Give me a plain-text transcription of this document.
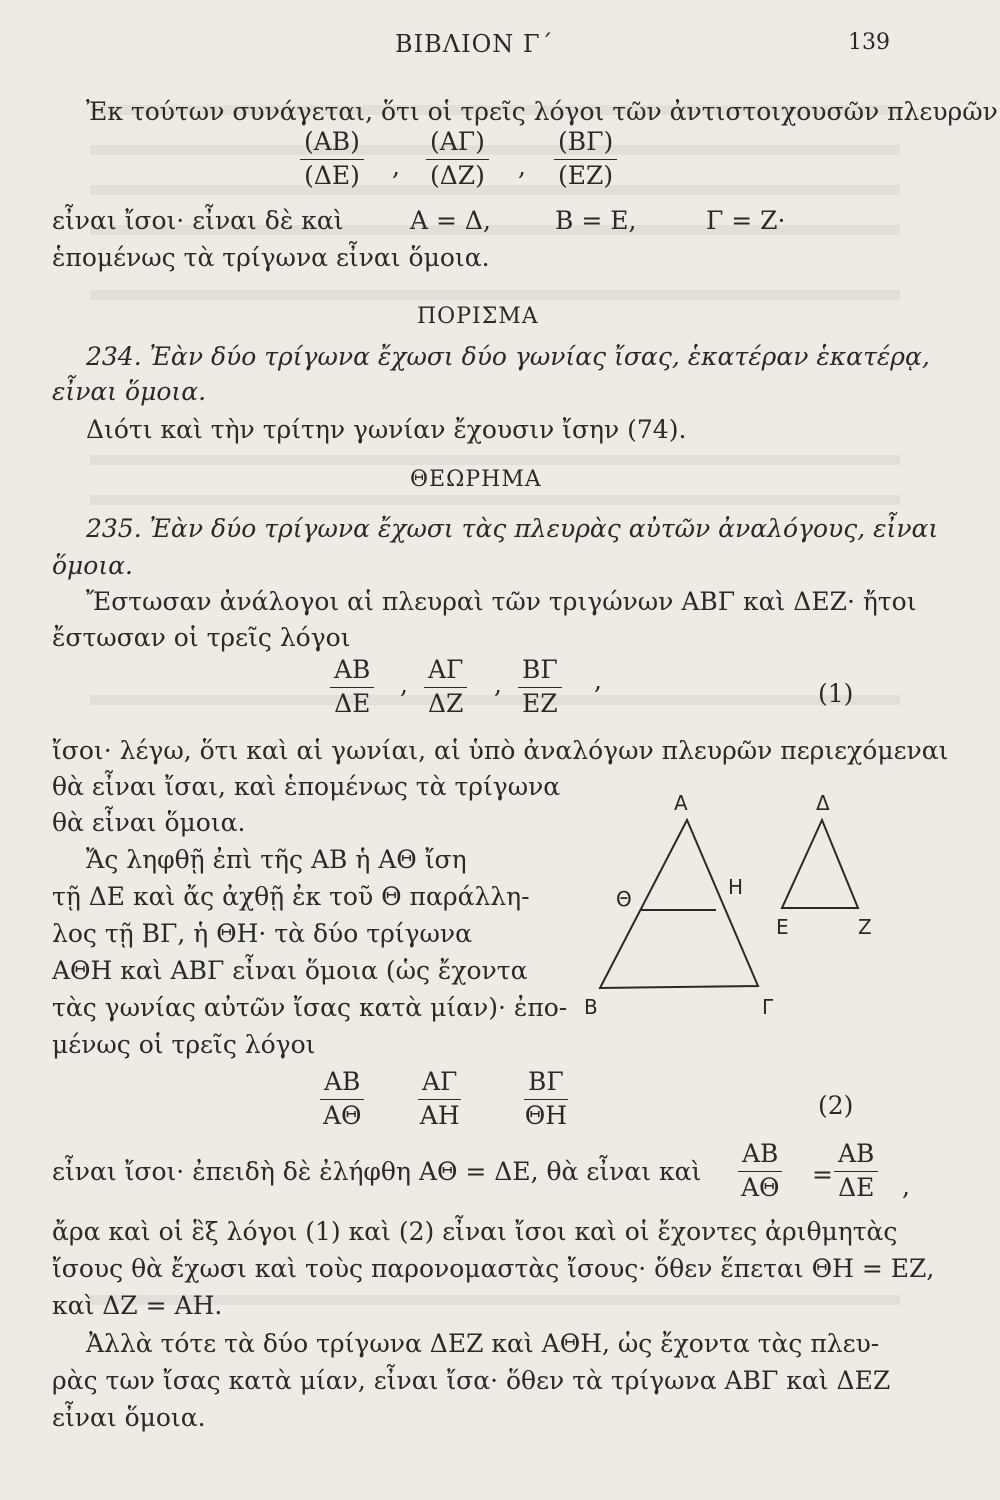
ΒΙΒΛΙΟΝ Γ΄	139
Ἐκ τούτων συνάγεται, ὅτι οἱ τρεῖς λόγοι τῶν ἀντιστοιχουσῶν πλευρῶν
$\frac{(AB)}{(\Delta E)}$ , $\frac{(A\Gamma)}{(\Delta Z)}$ , $\frac{(B\Gamma)}{(EZ)}$
εἶναι ἴσοι· εἶναι δὲ καὶ	Α = Δ,	Β = Ε,	Γ = Ζ·
ἑπομένως τὰ τρίγωνα εἶναι ὅμοια.
ΠΟΡΙΣΜΑ
234. Ἐὰν δύο τρίγωνα ἔχωσι δύο γωνίας ἴσας, ἑκατέραν ἑκατέρᾳ,
εἶναι ὅμοια.
Διότι καὶ τὴν τρίτην γωνίαν ἔχουσιν ἴσην (74).
ΘΕΩΡΗΜΑ
235. Ἐὰν δύο τρίγωνα ἔχωσι τὰς πλευρὰς αὐτῶν ἀναλόγους, εἶναι
ὅμοια.
Ἔστωσαν ἀνάλογοι αἱ πλευραὶ τῶν τριγώνων ΑΒΓ καὶ ΔΕΖ· ἤτοι
ἔστωσαν οἱ τρεῖς λόγοι
$\frac{AB}{\Delta E}$ , $\frac{A\Gamma}{\Delta Z}$ , $\frac{B\Gamma}{EZ}$ ,	(1)
ἴσοι· λέγω, ὅτι καὶ αἱ γωνίαι, αἱ ὑπὸ ἀναλόγων πλευρῶν περιεχόμεναι
θὰ εἶναι ἴσαι, καὶ ἑπομένως τὰ τρίγωνα
θὰ εἶναι ὅμοια.
Ἄς ληφθῇ ἐπὶ τῆς ΑΒ ἡ ΑΘ ἴση
τῇ ΔΕ καὶ ἄς ἀχθῇ ἐκ τοῦ Θ παράλλη-
λος τῇ ΒΓ, ἡ ΘΗ· τὰ δύο τρίγωνα
ΑΘΗ καὶ ΑΒΓ εἶναι ὅμοια (ὡς ἔχοντα
τὰς γωνίας αὐτῶν ἴσας κατὰ μίαν)· ἐπο-
μένως οἱ τρεῖς λόγοι
$\frac{AB}{A\Theta} \frac{A\Gamma}{AH}$	$\frac{B\Gamma}{\Theta H}$	(2)
εἶναι ἴσοι· ἐπειδὴ δὲ ἐλήφθη ΑΘ = ΔΕ, θὰ εἶναι καὶ $\frac{AB}{A\Theta} = \frac{AB}{\Delta E}$ ,
ἄρα καὶ οἱ ἓξ λόγοι (1) καὶ (2) εἶναι ἴσοι καὶ οἱ ἔχοντες ἀριθμητὰς
ἴσους θὰ ἔχωσι καὶ τοὺς παρονομαστὰς ἴσους· ὅθεν ἕπεται ΘΗ = ΕΖ,
καὶ ΔΖ = ΑΗ.
Ἀλλὰ τότε τὰ δύο τρίγωνα ΔΕΖ καὶ ΑΘΗ, ὡς ἔχοντα τὰς πλευ-
ρὰς των ἴσας κατὰ μίαν, εἶναι ἴσα· ὅθεν τὰ τρίγωνα ΑΒΓ καὶ ΔΕΖ
εἶναι ὅμοια.
Α
Β	Γ
Θ	Η
Δ
Ε	Ζ
